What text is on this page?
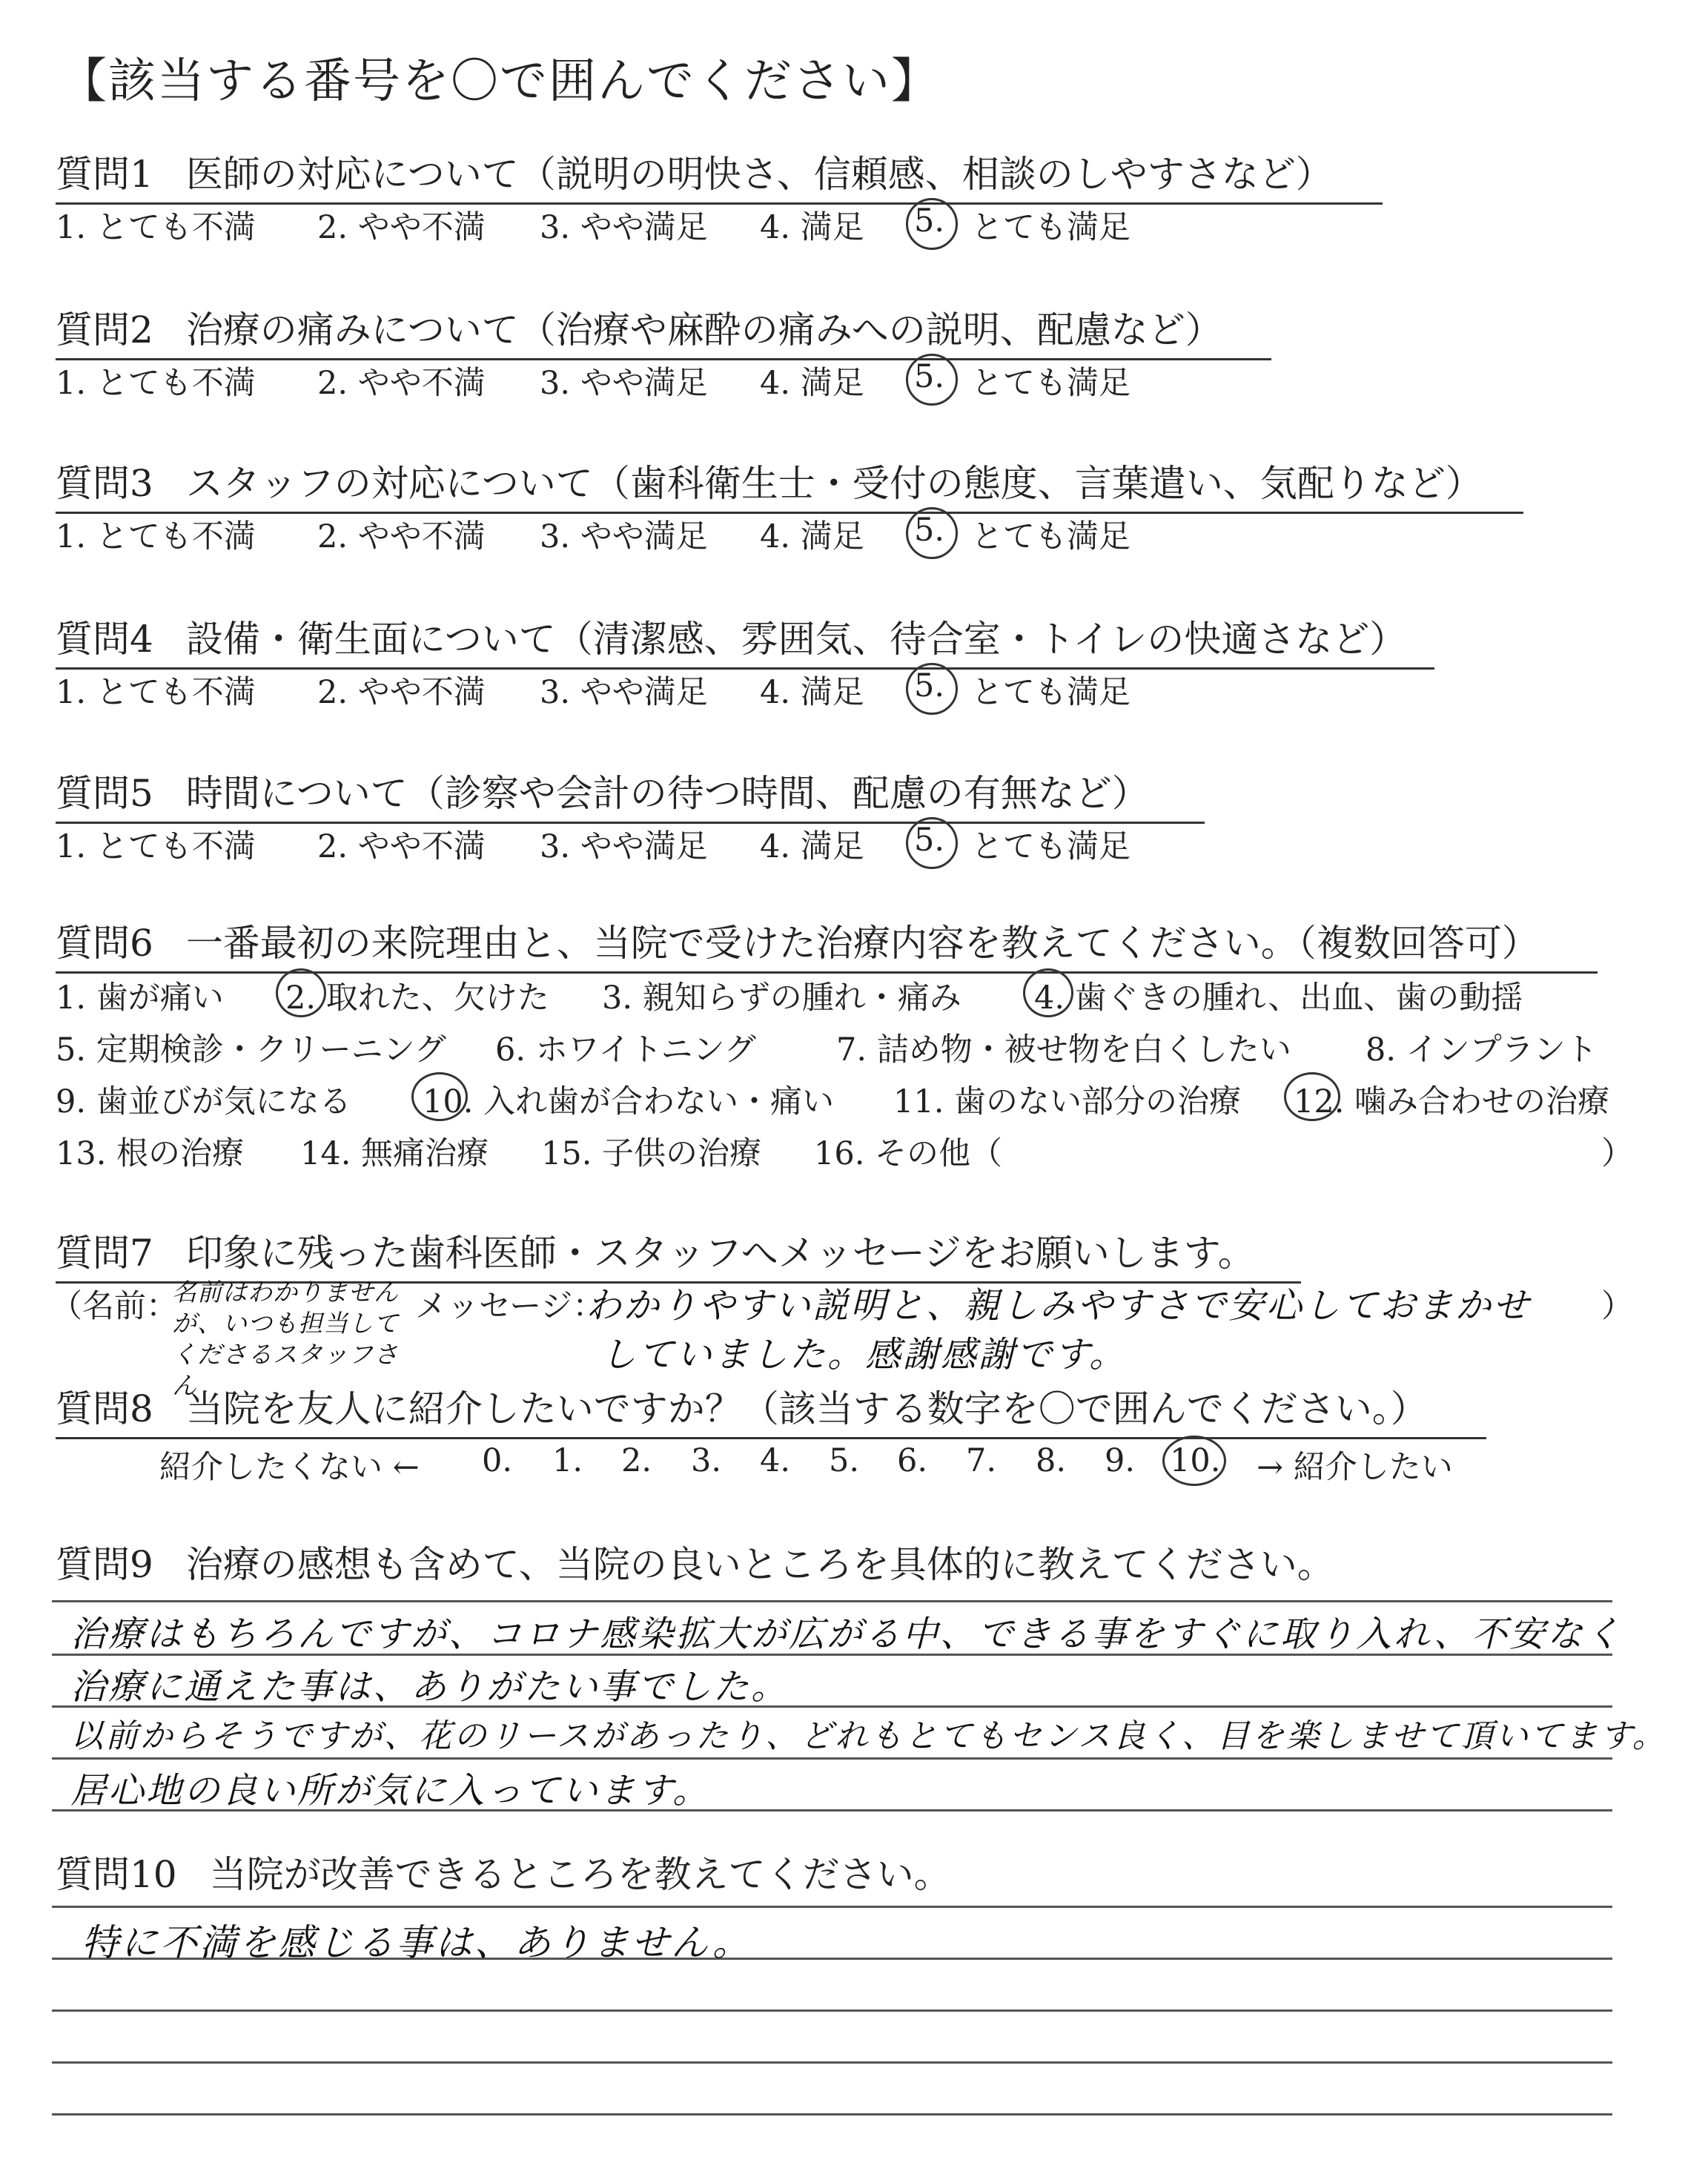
【該当する番号を〇で囲んでください】
質問1 医師の対応について（説明の明快さ、信頼感、相談のしやすさなど）
1. とても不満 2. やや不満 3. やや満足 4. 満足 5. とても満足
質問2 治療の痛みについて（治療や麻酔の痛みへの説明、配慮など）
1. とても不満 2. やや不満 3. やや満足 4. 満足 5. とても満足
質問3 スタッフの対応について（歯科衛生士・受付の態度、言葉遣い、気配りなど）
1. とても不満 2. やや不満 3. やや満足 4. 満足 5. とても満足
質問4 設備・衛生面について（清潔感、雰囲気、待合室・トイレの快適さなど）
1. とても不満 2. やや不満 3. やや満足 4. 満足 5. とても満足
質問5 時間について（診察や会計の待つ時間、配慮の有無など）
1. とても不満 2. やや不満 3. やや満足 4. 満足 5. とても満足
質問6 一番最初の来院理由と、当院で受けた治療内容を教えてください。（複数回答可）
1. 歯が痛い 2. 取れた、欠けた 3. 親知らずの腫れ・痛み 4. 歯ぐきの腫れ、出血、歯の動揺
5. 定期検診・クリーニング 6. ホワイトニング	7. 詰め物・被せ物を白くしたい 8. インプラント
9. 歯並びが気になる 10. 入れ歯が合わない・痛い 11. 歯のない部分の治療 12. 噛み合わせの治療
13. 根の治療 14. 無痛治療 15. 子供の治療 16. その他（	）
質問7 印象に残った歯科医師・スタッフへメッセージをお願いします。
（名前：
名前はわかりませんが、いつも担当してくださるスタッフさん
メッセージ：
わかりやすい説明と、親しみやすさで安心しておまかせ
していました。感謝感謝です。
）
質問8 当院を友人に紹介したいですか？（該当する数字を〇で囲んでください。）
紹介したくない ← 0. 1. 2. 3. 4. 5. 6. 7. 8. 9. 10. → 紹介したい
質問9 治療の感想も含めて、当院の良いところを具体的に教えてください。
治療はもちろんですが、コロナ感染拡大が広がる中、できる事をすぐに取り入れ、不安なく
治療に通えた事は、ありがたい事でした。
以前からそうですが、花のリースがあったり、どれもとてもセンス良く、目を楽しませて頂いてます。
居心地の良い所が気に入っています。
質問10 当院が改善できるところを教えてください。
特に不満を感じる事は、ありません。
